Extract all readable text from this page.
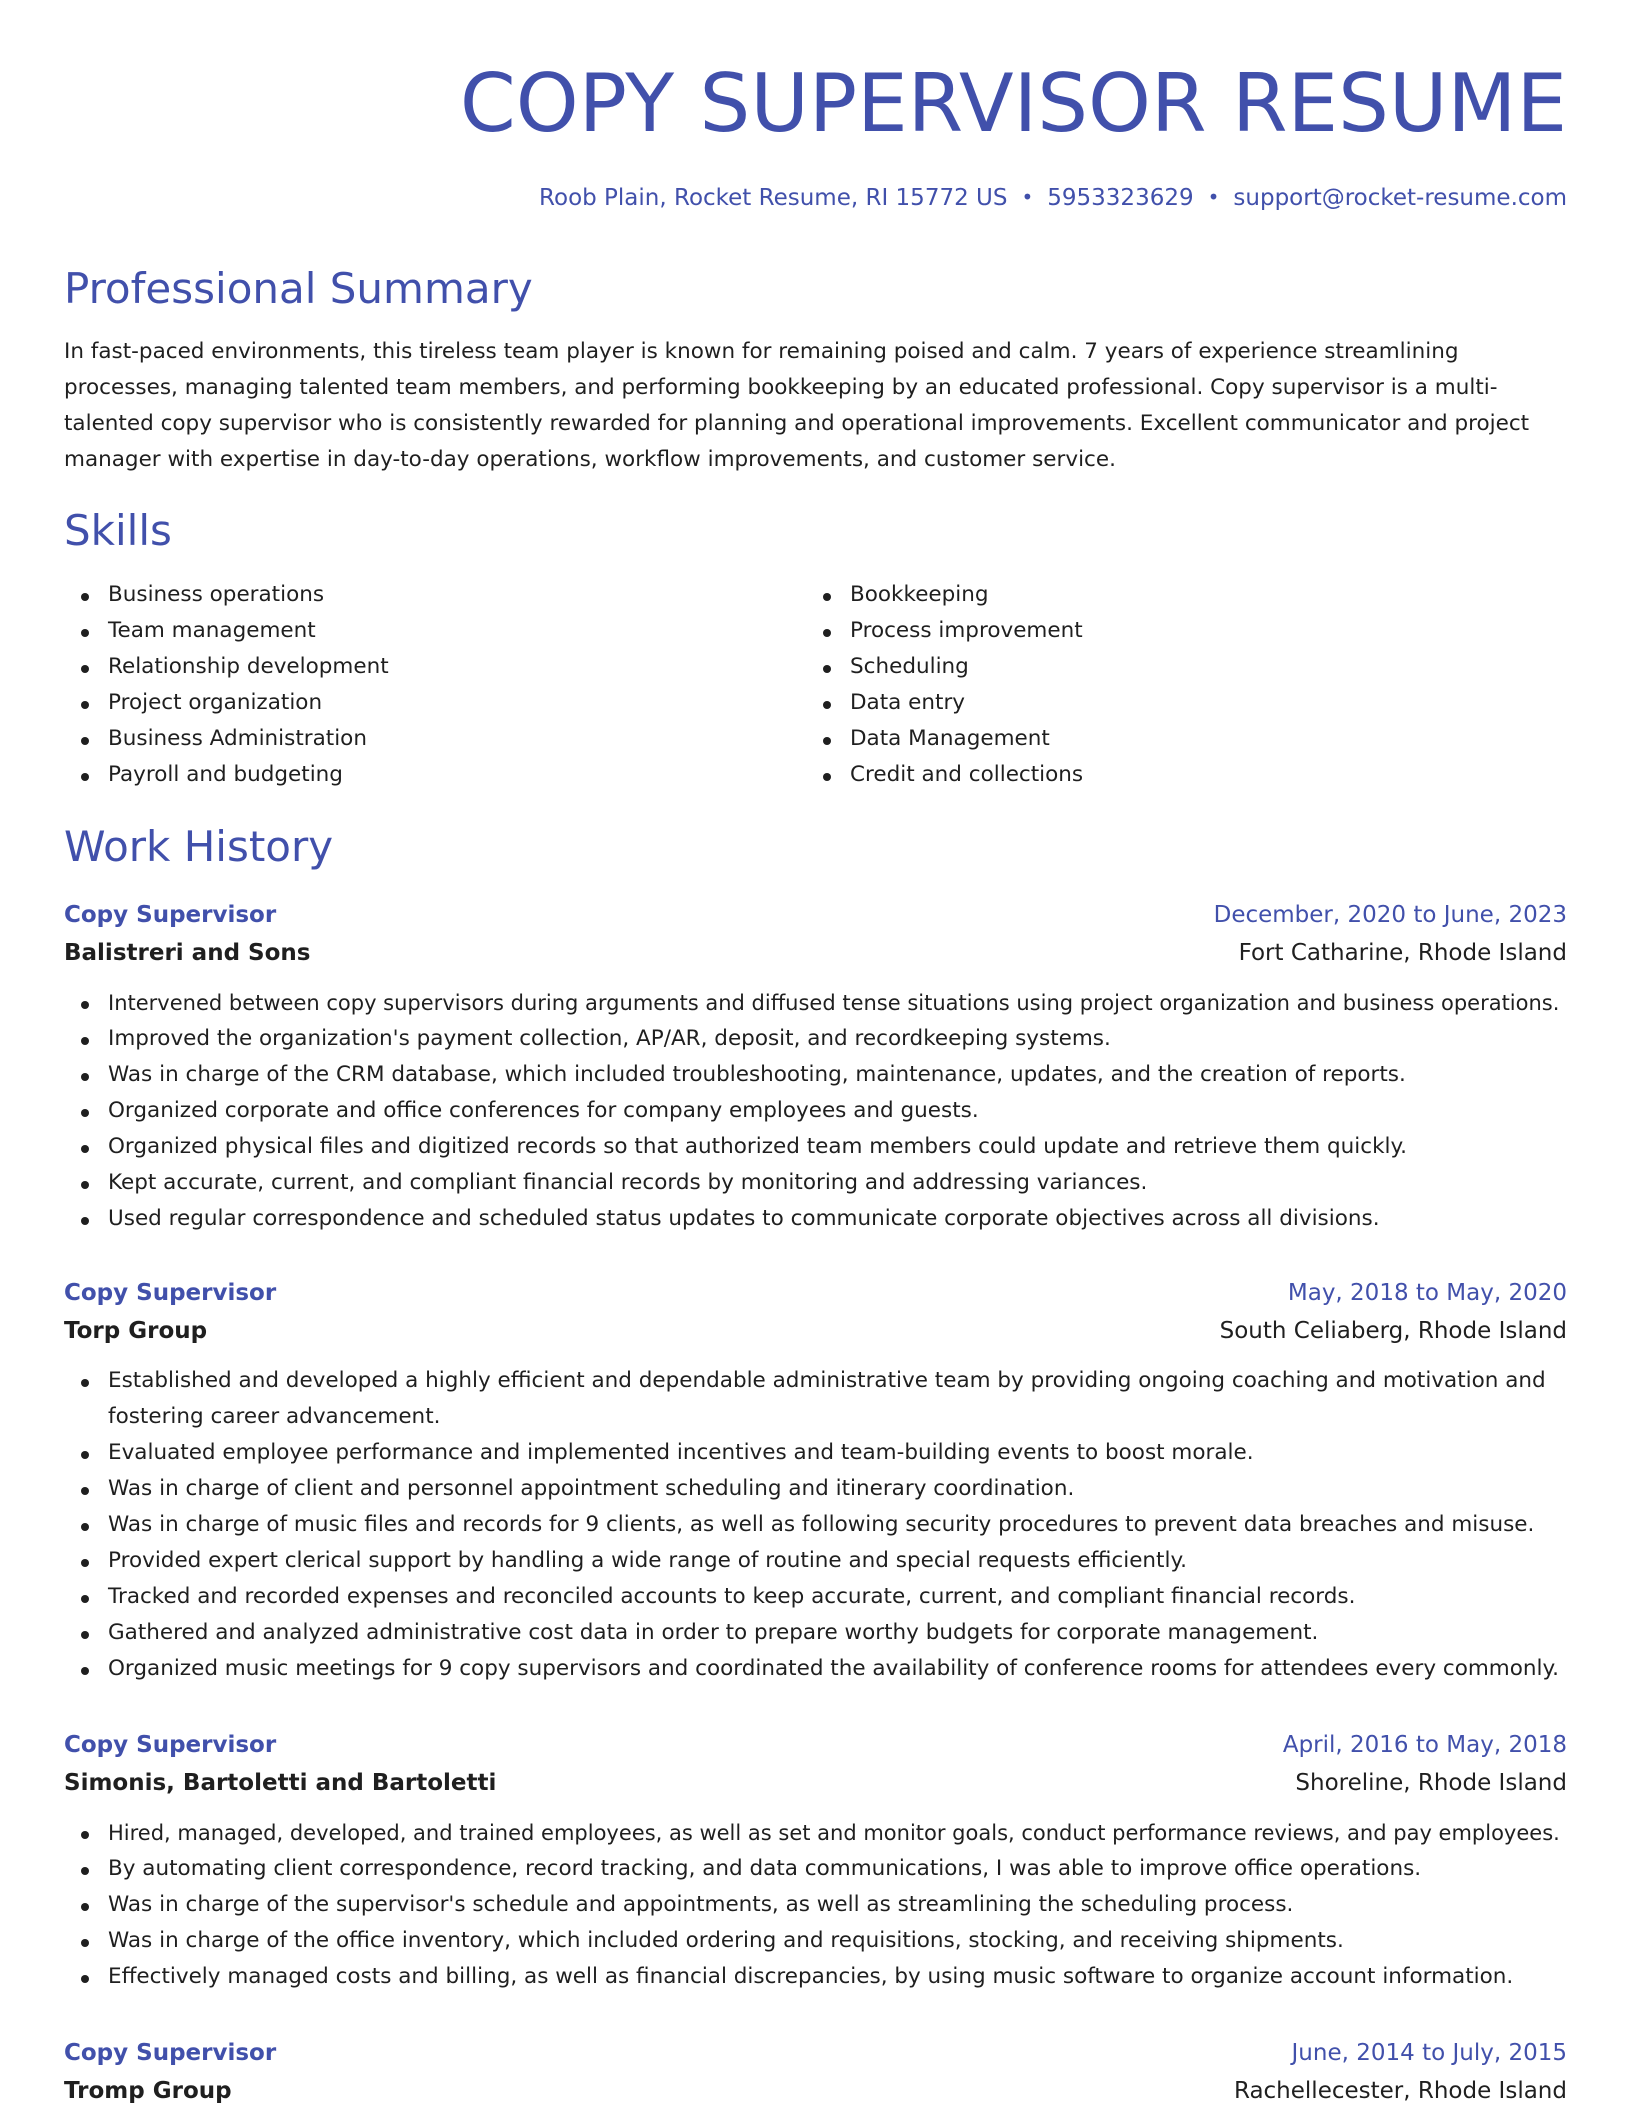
COPY SUPERVISOR RESUME
Roob Plain, Rocket Resume, RI 15772 US • 5953323629 • support@rocket-resume.com
Professional Summary

In fast-paced environments, this tireless team player is known for remaining poised and calm. 7 years of experience streamlining processes, managing talented team members, and performing bookkeeping by an educated professional. Copy supervisor is a multi-talented copy supervisor who is consistently rewarded for planning and operational improvements. Excellent communicator and project manager with expertise in day-to-day operations, workflow improvements, and customer service.

Skills
Business operations
Team management
Relationship development
Project organization
Business Administration
Payroll and budgeting
Bookkeeping
Process improvement
Scheduling
Data entry
Data Management
Credit and collections
Work History
Copy Supervisor	December, 2020 to June, 2023
Balistreri and Sons	Fort Catharine, Rhode Island
Intervened between copy supervisors during arguments and diffused tense situations using project organization and business operations.
Improved the organization's payment collection, AP/AR, deposit, and recordkeeping systems.
Was in charge of the CRM database, which included troubleshooting, maintenance, updates, and the creation of reports.
Organized corporate and office conferences for company employees and guests.
Organized physical files and digitized records so that authorized team members could update and retrieve them quickly.
Kept accurate, current, and compliant financial records by monitoring and addressing variances.
Used regular correspondence and scheduled status updates to communicate corporate objectives across all divisions.
Copy Supervisor	May, 2018 to May, 2020
Torp Group	South Celiaberg, Rhode Island
Established and developed a highly efficient and dependable administrative team by providing ongoing coaching and motivation and fostering career advancement.
Evaluated employee performance and implemented incentives and team-building events to boost morale.
Was in charge of client and personnel appointment scheduling and itinerary coordination.
Was in charge of music files and records for 9 clients, as well as following security procedures to prevent data breaches and misuse.
Provided expert clerical support by handling a wide range of routine and special requests efficiently.
Tracked and recorded expenses and reconciled accounts to keep accurate, current, and compliant financial records.
Gathered and analyzed administrative cost data in order to prepare worthy budgets for corporate management.
Organized music meetings for 9 copy supervisors and coordinated the availability of conference rooms for attendees every commonly.
Copy Supervisor	April, 2016 to May, 2018
Simonis, Bartoletti and Bartoletti	Shoreline, Rhode Island
Hired, managed, developed, and trained employees, as well as set and monitor goals, conduct performance reviews, and pay employees.
By automating client correspondence, record tracking, and data communications, I was able to improve office operations.
Was in charge of the supervisor's schedule and appointments, as well as streamlining the scheduling process.
Was in charge of the office inventory, which included ordering and requisitions, stocking, and receiving shipments.
Effectively managed costs and billing, as well as financial discrepancies, by using music software to organize account information.
Copy Supervisor	June, 2014 to July, 2015
Tromp Group	Rachellecester, Rhode Island
